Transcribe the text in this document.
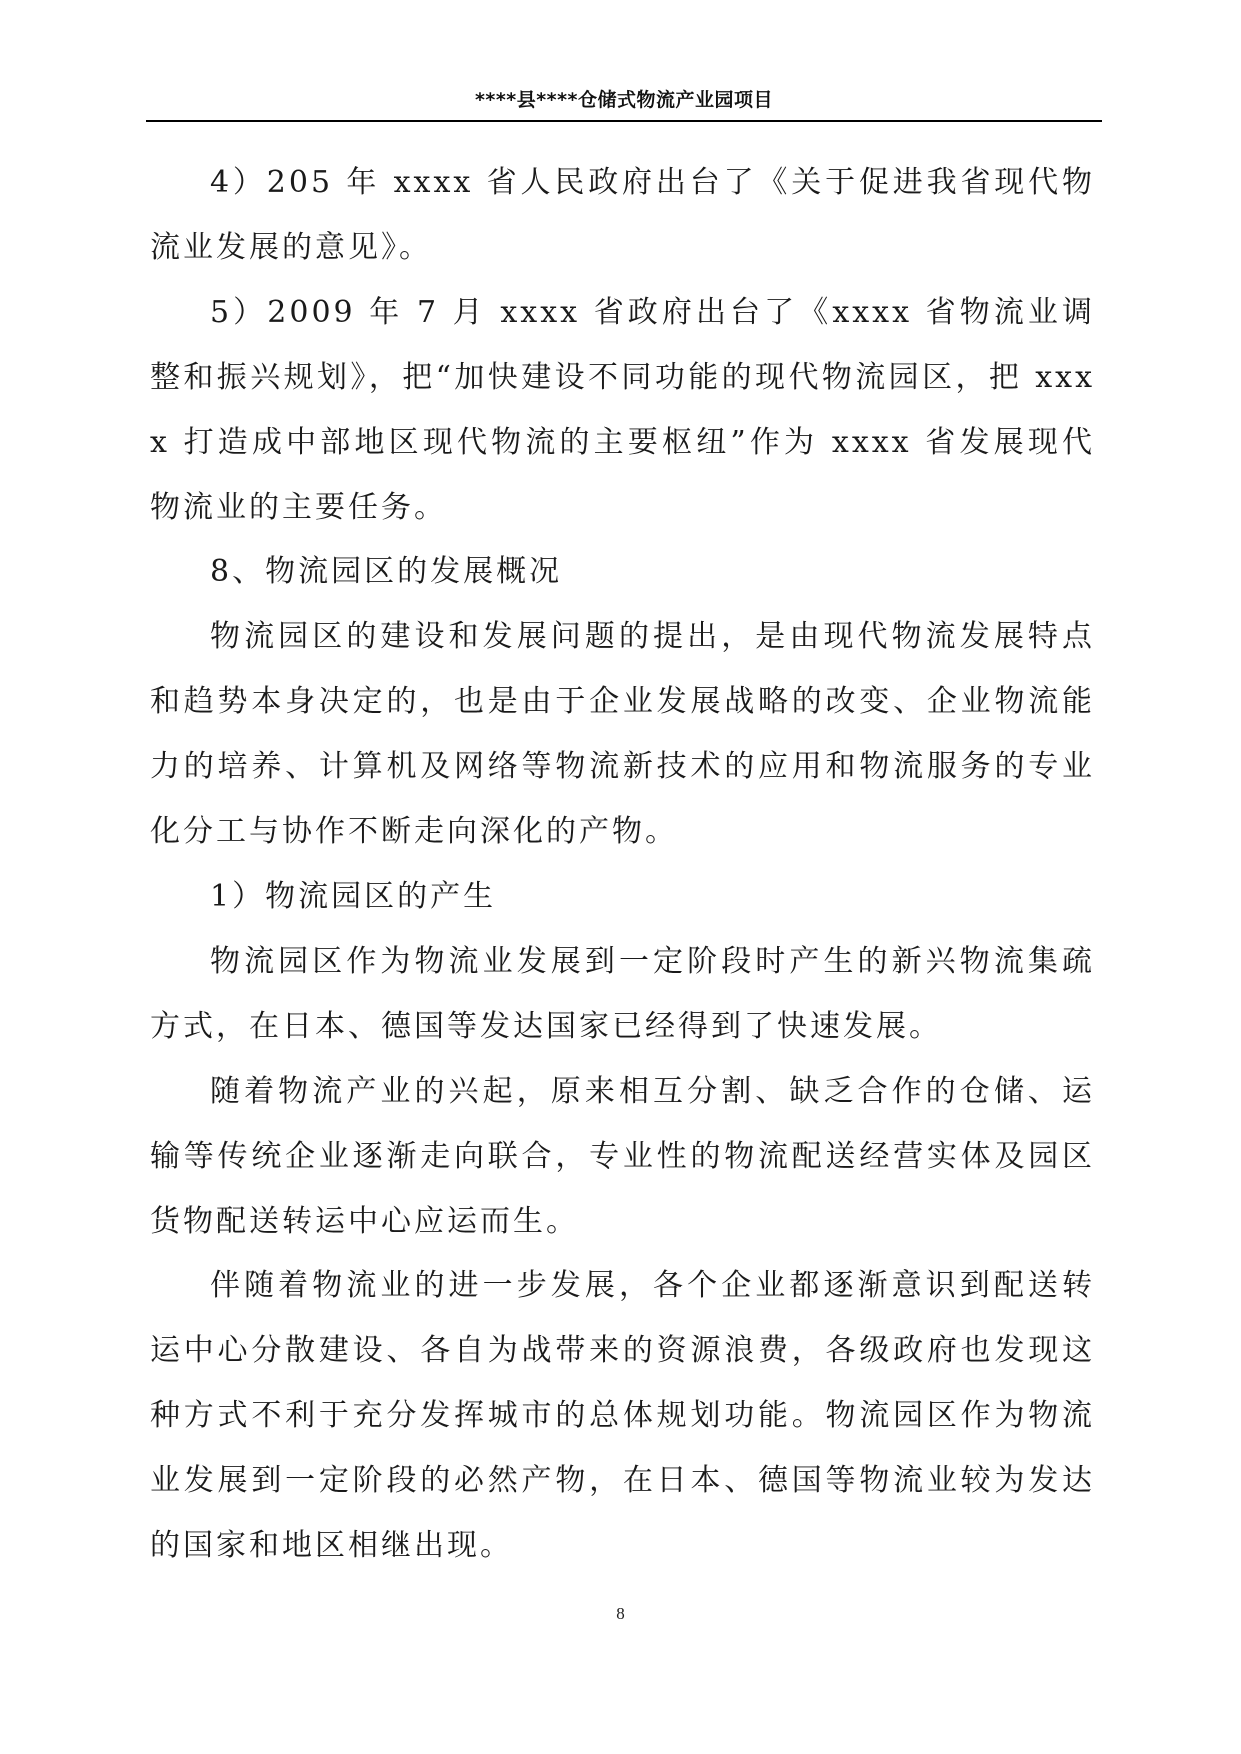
****县****仓储式物流产业园项目

4）205 年 xxxx 省人民政府出台了《关于促进我省现代物流业发展的意见》。

5）2009 年 7 月 xxxx 省政府出台了《xxxx 省物流业调整和振兴规划》，把“加快建设不同功能的现代物流园区，把 xxxx 打造成中部地区现代物流的主要枢纽”作为 xxxx 省发展现代物流业的主要任务。

8、物流园区的发展概况

物流园区的建设和发展问题的提出，是由现代物流发展特点和趋势本身决定的，也是由于企业发展战略的改变、企业物流能力的培养、计算机及网络等物流新技术的应用和物流服务的专业化分工与协作不断走向深化的产物。

1）物流园区的产生

物流园区作为物流业发展到一定阶段时产生的新兴物流集疏方式，在日本、德国等发达国家已经得到了快速发展。

随着物流产业的兴起，原来相互分割、缺乏合作的仓储、运输等传统企业逐渐走向联合，专业性的物流配送经营实体及园区货物配送转运中心应运而生。

伴随着物流业的进一步发展，各个企业都逐渐意识到配送转运中心分散建设、各自为战带来的资源浪费，各级政府也发现这种方式不利于充分发挥城市的总体规划功能。物流园区作为物流业发展到一定阶段的必然产物，在日本、德国等物流业较为发达的国家和地区相继出现。

8
